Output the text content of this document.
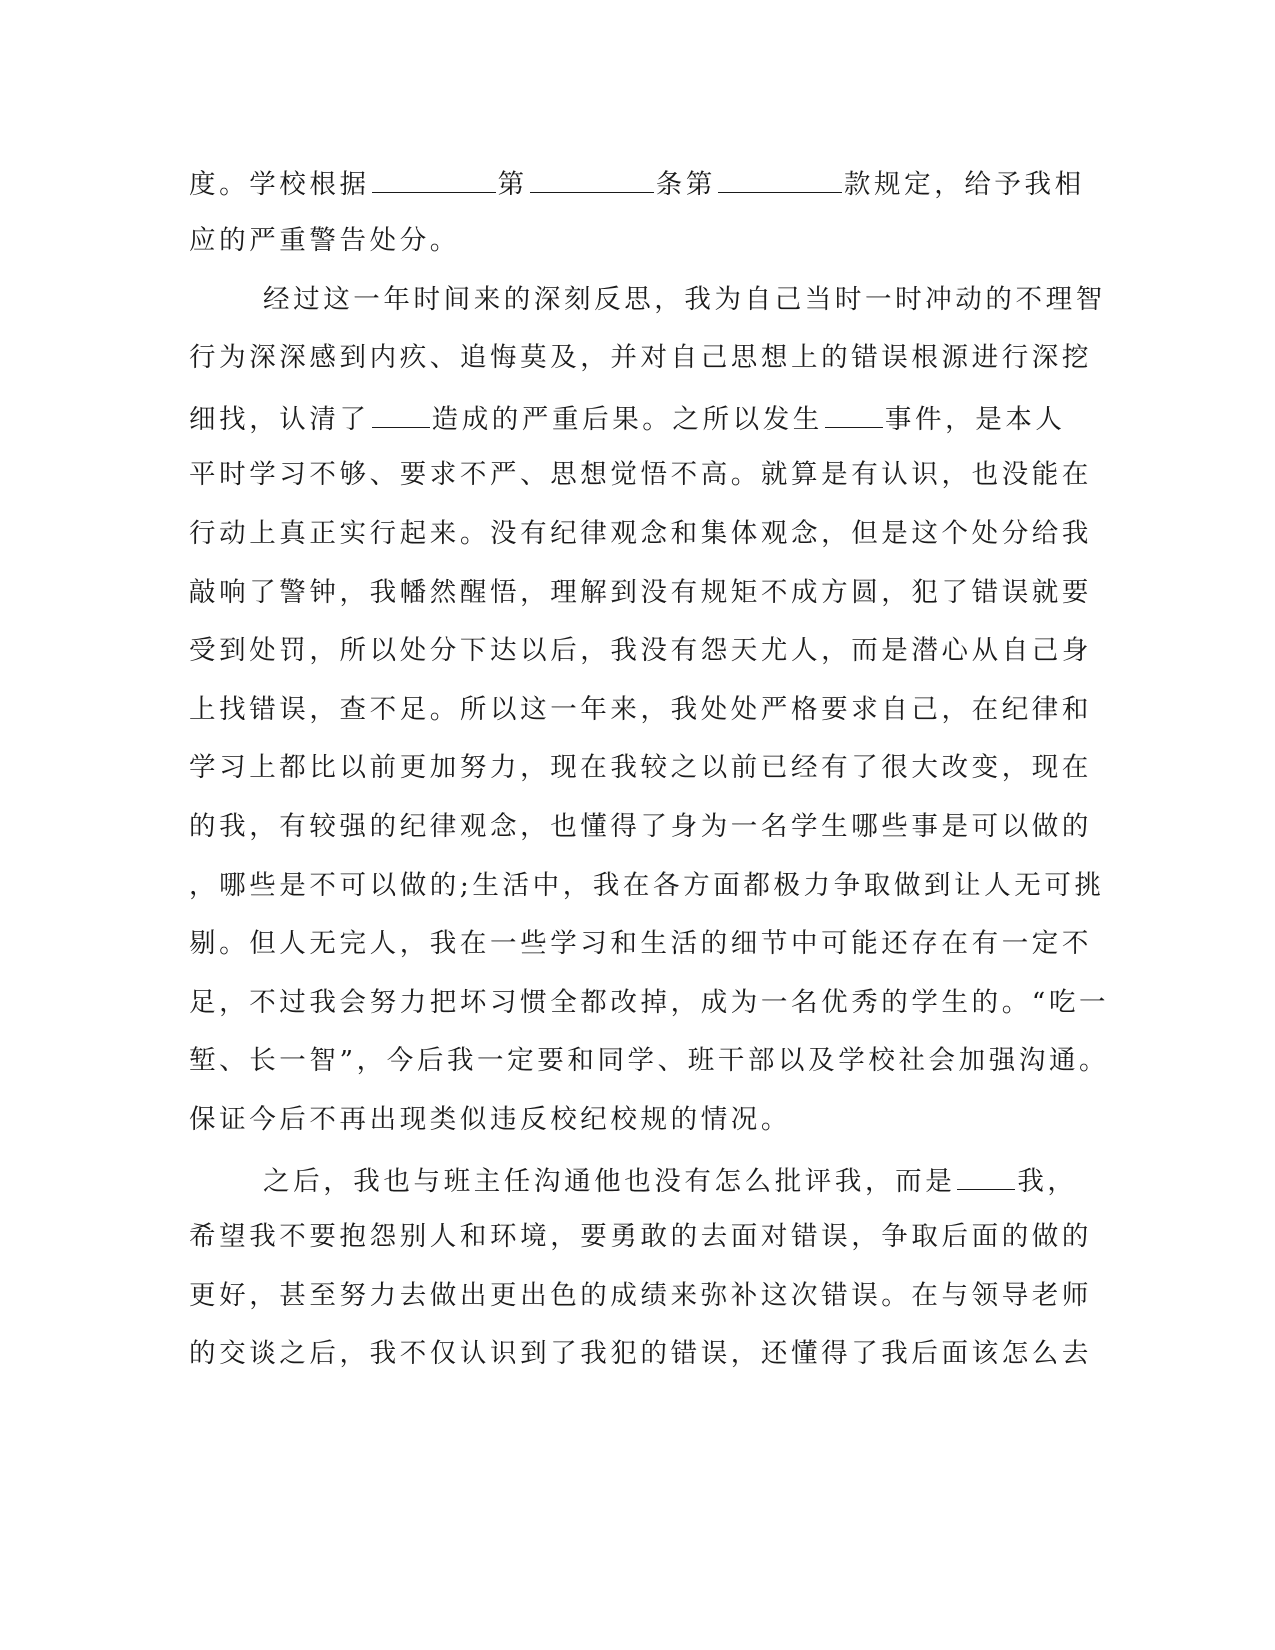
度。学校根据	第	条第	款规定，给予我相
应的严重警告处分。
经过这一年时间来的深刻反思，我为自己当时一时冲动的不理智
行为深深感到内疚、追悔莫及，并对自己思想上的错误根源进行深挖
细找，认清了 造成的严重后果。之所以发生 事件，是本人
平时学习不够、要求不严、思想觉悟不高。就算是有认识，也没能在
行动上真正实行起来。没有纪律观念和集体观念，但是这个处分给我
敲响了警钟，我幡然醒悟，理解到没有规矩不成方圆，犯了错误就要
受到处罚，所以处分下达以后，我没有怨天尤人，而是潜心从自己身
上找错误，查不足。所以这一年来，我处处严格要求自己，在纪律和
学习上都比以前更加努力，现在我较之以前已经有了很大改变，现在
的我，有较强的纪律观念，也懂得了身为一名学生哪些事是可以做的
，哪些是不可以做的;生活中，我在各方面都极力争取做到让人无可挑
剔。但人无完人，我在一些学习和生活的细节中可能还存在有一定不
足，不过我会努力把坏习惯全都改掉，成为一名优秀的学生的。“吃一
堑、长一智”，今后我一定要和同学、班干部以及学校社会加强沟通。
保证今后不再出现类似违反校纪校规的情况。
之后，我也与班主任沟通他也没有怎么批评我，而是 我，
希望我不要抱怨别人和环境，要勇敢的去面对错误，争取后面的做的
更好，甚至努力去做出更出色的成绩来弥补这次错误。在与领导老师
的交谈之后，我不仅认识到了我犯的错误，还懂得了我后面该怎么去
